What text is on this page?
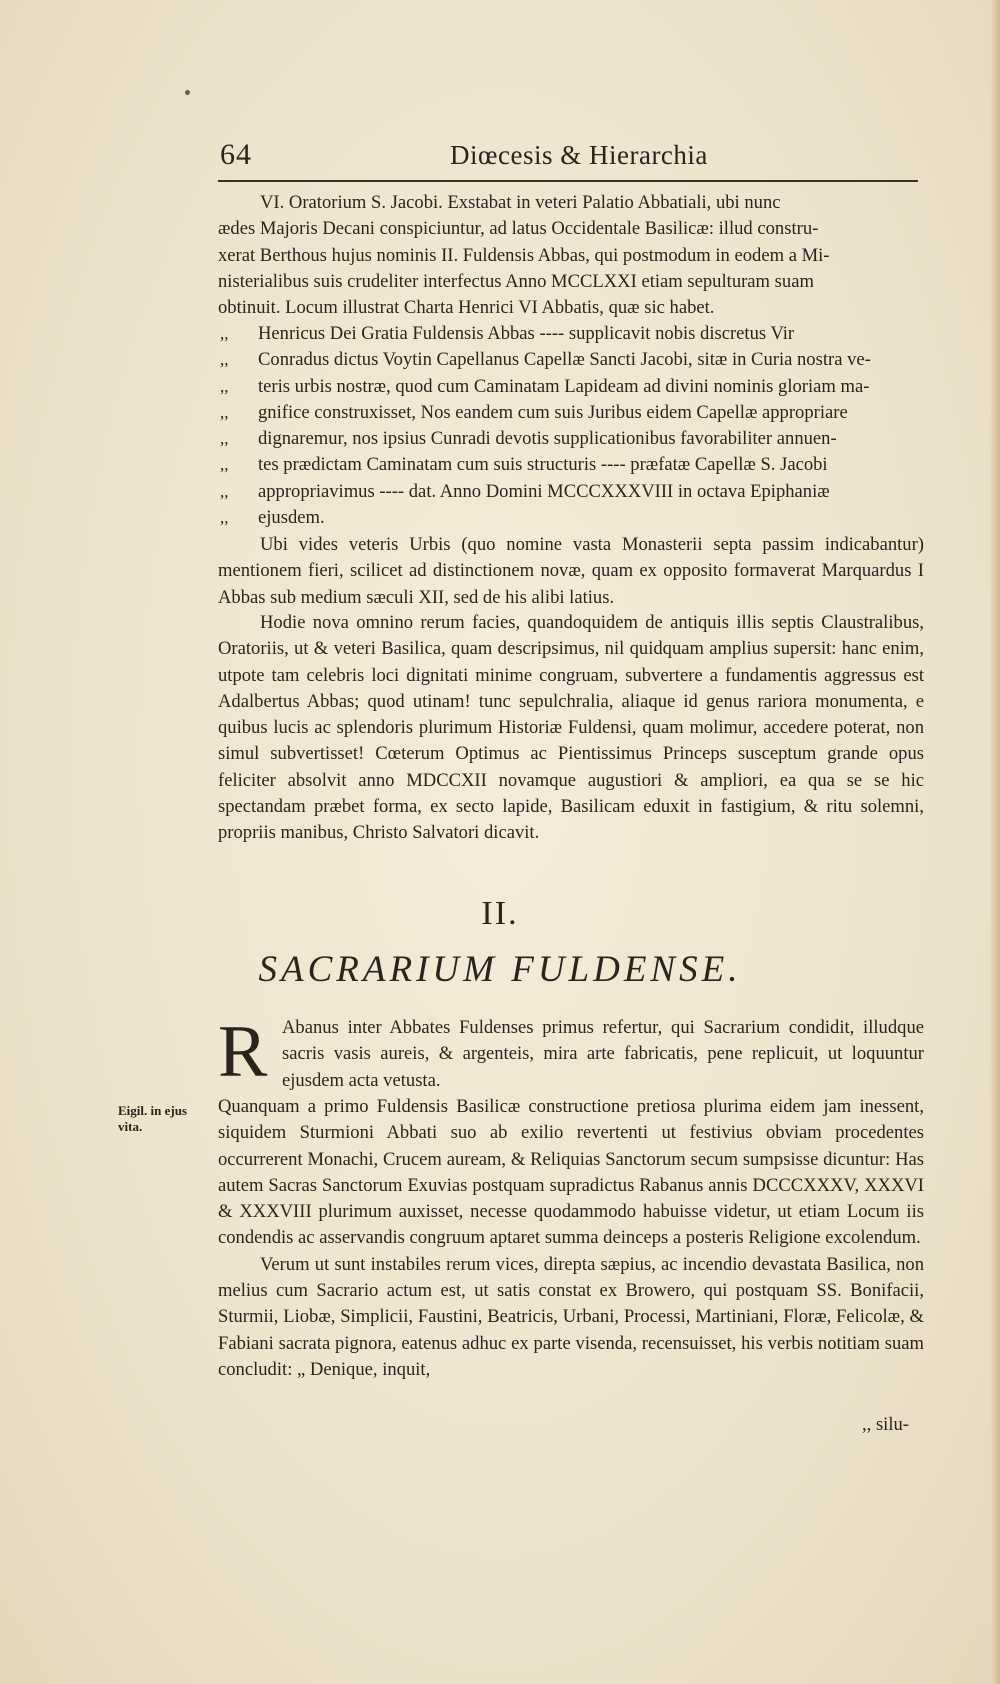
64	Diœcesis & Hierarchia

VI. Oratorium S. Jacobi. Exstabat in veteri Palatio Abbatiali, ubi nunc

ædes Majoris Decani conspiciuntur, ad latus Occidentale Basilicæ: illud constru-

xerat Berthous hujus nominis II. Fuldensis Abbas, qui postmodum in eodem a Mi-

nisterialibus suis crudeliter interfectus Anno MCCLXXI etiam sepulturam suam

obtinuit. Locum illustrat Charta Henrici VI Abbatis, quæ sic habet.

,,	Henricus Dei Gratia Fuldensis Abbas ---- supplicavit nobis discretus Vir
,,	Conradus dictus Voytin Capellanus Capellæ Sancti Jacobi, sitæ in Curia nostra ve-
,,	teris urbis nostræ, quod cum Caminatam Lapideam ad divini nominis gloriam ma-
,,	gnifice construxisset, Nos eandem cum suis Juribus eidem Capellæ appropriare
,,	dignaremur, nos ipsius Cunradi devotis supplicationibus favorabiliter annuen-
,,	tes prædictam Caminatam cum suis structuris ---- præfatæ Capellæ S. Jacobi
,,	appropriavimus ---- dat. Anno Domini MCCCXXXVIII in octava Epiphaniæ
,,	ejusdem.

Ubi vides veteris Urbis (quo nomine vasta Monasterii septa passim indicabantur) mentionem fieri, scilicet ad distinctionem novæ, quam ex opposito formaverat Marquardus I Abbas sub medium sæculi XII, sed de his alibi latius.

Hodie nova omnino rerum facies, quandoquidem de antiquis illis septis Claustralibus, Oratoriis, ut & veteri Basilica, quam descripsimus, nil quidquam amplius supersit: hanc enim, utpote tam celebris loci dignitati minime congruam, subvertere a fundamentis aggressus est Adalbertus Abbas; quod utinam! tunc sepulchralia, aliaque id genus rariora monumenta, e quibus lucis ac splendoris plurimum Historiæ Fuldensi, quam molimur, accedere poterat, non simul subvertisset! Cœterum Optimus ac Pientissimus Princeps susceptum grande opus feliciter absolvit anno MDCCXII novamque augustiori & ampliori, ea qua se se hic spectandam præbet forma, ex secto lapide, Basilicam eduxit in fastigium, & ritu solemni, propriis manibus, Christo Salvatori dicavit.

II.
SACRARIUM FULDENSE.
R Abanus inter Abbates Fuldenses primus refertur, qui Sacrarium condidit, illudque sacris vasis aureis, & argenteis, mira arte fabricatis, pene replicuit, ut loquuntur ejusdem acta vetusta.

Eigil. in ejus vita.

Quanquam a primo Fuldensis Basilicæ constructione pretiosa plurima eidem jam inessent, siquidem Sturmioni Abbati suo ab exilio revertenti ut festivius obviam procedentes occurrerent Monachi, Crucem auream, & Reliquias Sanctorum secum sumpsisse dicuntur: Has autem Sacras Sanctorum Exuvias postquam supradictus Rabanus annis DCCCXXXV, XXXVI & XXXVIII plurimum auxisset, necesse quodammodo habuisse videtur, ut etiam Locum iis condendis ac asservandis congruum aptaret summa deinceps a posteris Religione excolendum.

Verum ut sunt instabiles rerum vices, direpta sæpius, ac incendio devastata Basilica, non melius cum Sacrario actum est, ut satis constat ex Browero, qui postquam SS. Bonifacii, Sturmii, Liobæ, Simplicii, Faustini, Beatricis, Urbani, Processi, Martiniani, Floræ, Felicolæ, & Fabiani sacrata pignora, eatenus adhuc ex parte visenda, recensuisset, his verbis notitiam suam concludit: „ Denique, inquit,

,, silu-
